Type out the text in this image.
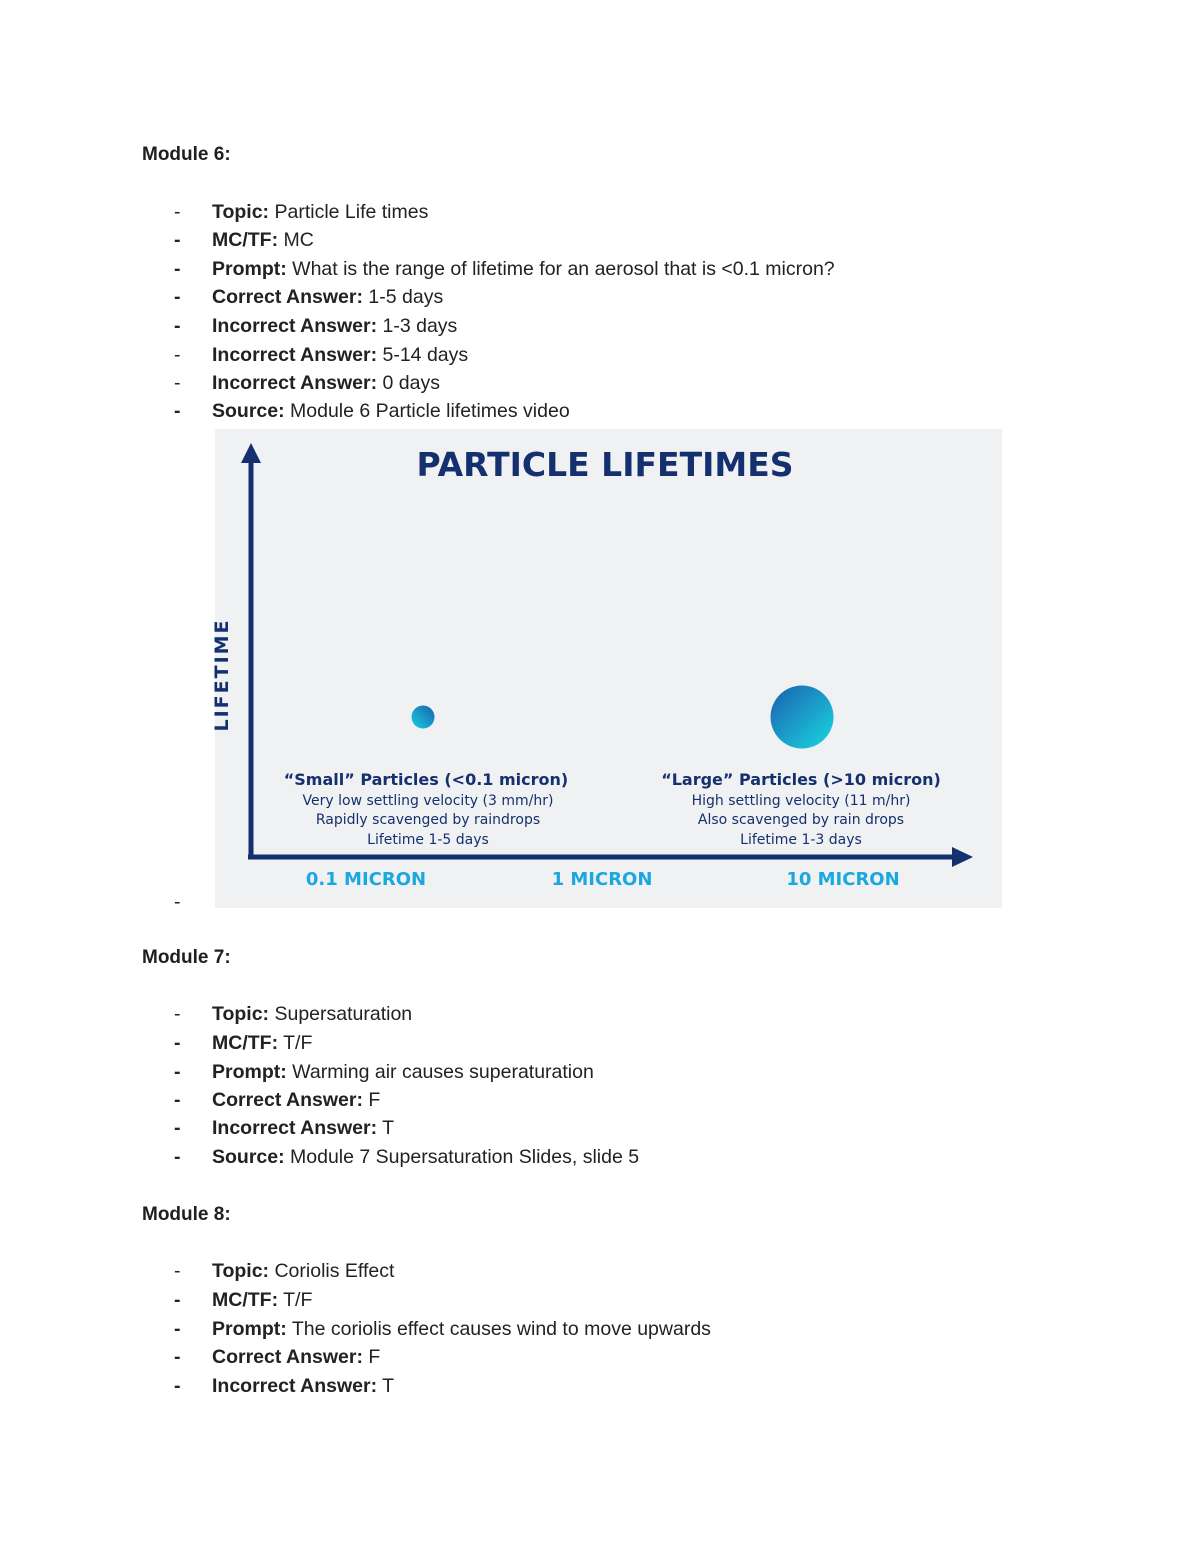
Module 6:
- Topic: Particle Life times
- MC/TF: MC
- Prompt: What is the range of lifetime for an aerosol that is <0.1 micron?
- Correct Answer: 1-5 days
- Incorrect Answer: 1-3 days
- Incorrect Answer: 5-14 days
- Incorrect Answer: 0 days
- Source: Module 6 Particle lifetimes video
PARTICLE LIFETIMES
LIFETIME
“Small” Particles (<0.1 micron)
Very low settling velocity (3 mm/hr)
Rapidly scavenged by raindrops
Lifetime 1-5 days
“Large” Particles (>10 micron)
High settling velocity (11 m/hr)
Also scavenged by rain drops
Lifetime 1-3 days
0.1 MICRON	1 MICRON	10 MICRON
-
Module 7:
- Topic: Supersaturation
- MC/TF: T/F
- Prompt: Warming air causes superaturation
- Correct Answer: F
- Incorrect Answer: T
- Source: Module 7 Supersaturation Slides, slide 5
Module 8:
- Topic: Coriolis Effect
- MC/TF: T/F
- Prompt: The coriolis effect causes wind to move upwards
- Correct Answer: F
- Incorrect Answer: T
